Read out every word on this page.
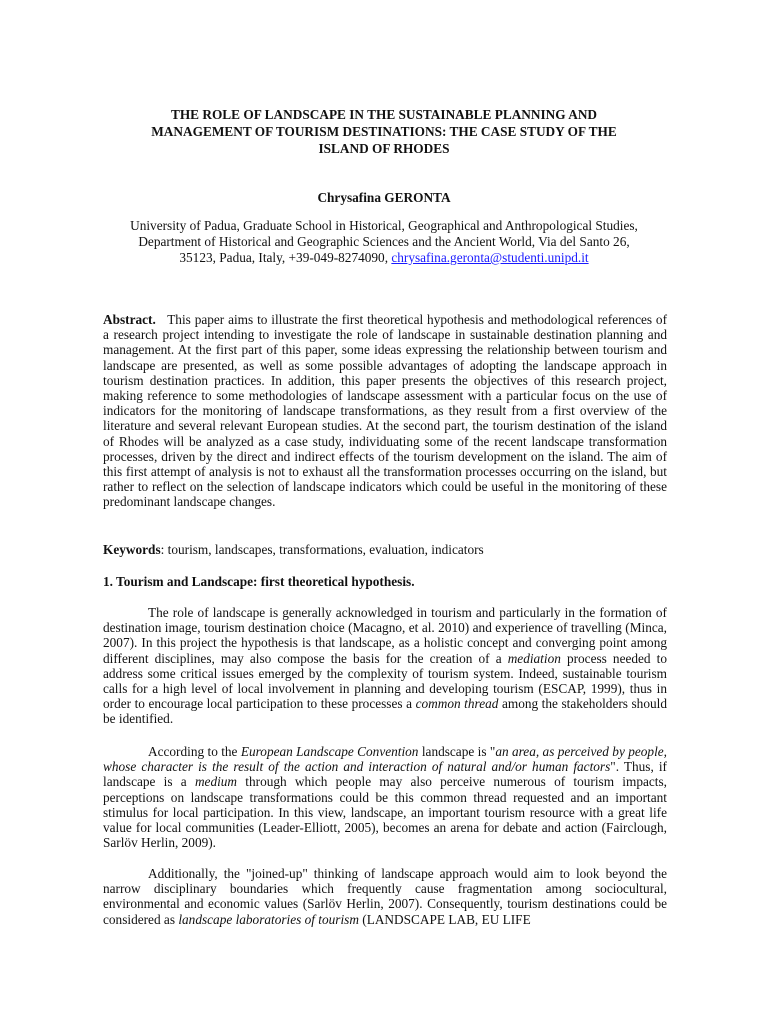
THE ROLE OF LANDSCAPE IN THE SUSTAINABLE PLANNING AND
MANAGEMENT OF TOURISM DESTINATIONS: THE CASE STUDY OF THE
ISLAND OF RHODES
Chrysafina GERONTA
University of Padua, Graduate School in Historical, Geographical and Anthropological Studies,
Department of Historical and Geographic Sciences and the Ancient World, Via del Santo 26,
35123, Padua, Italy, +39-049-8274090, chrysafina.geronta@studenti.unipd.it
Abstract. This paper aims to illustrate the first theoretical hypothesis and methodological references of a research project intending to investigate the role of landscape in sustainable destination planning and management. At the first part of this paper, some ideas expressing the relationship between tourism and landscape are presented, as well as some possible advantages of adopting the landscape approach in tourism destination practices. In addition, this paper presents the objectives of this research project, making reference to some methodologies of landscape assessment with a particular focus on the use of indicators for the monitoring of landscape transformations, as they result from a first overview of the literature and several relevant European studies. At the second part, the tourism destination of the island of Rhodes will be analyzed as a case study, individuating some of the recent landscape transformation processes, driven by the direct and indirect effects of the tourism development on the island. The aim of this first attempt of analysis is not to exhaust all the transformation processes occurring on the island, but rather to reflect on the selection of landscape indicators which could be useful in the monitoring of these predominant landscape changes.
Keywords: tourism, landscapes, transformations, evaluation, indicators
1. Tourism and Landscape: first theoretical hypothesis.
The role of landscape is generally acknowledged in tourism and particularly in the formation of destination image, tourism destination choice (Macagno, et al. 2010) and experience of travelling (Minca, 2007). In this project the hypothesis is that landscape, as a holistic concept and converging point among different disciplines, may also compose the basis for the creation of a mediation process needed to address some critical issues emerged by the complexity of tourism system. Indeed, sustainable tourism calls for a high level of local involvement in planning and developing tourism (ESCAP, 1999), thus in order to encourage local participation to these processes a common thread among the stakeholders should be identified.
According to the European Landscape Convention landscape is "an area, as perceived by people, whose character is the result of the action and interaction of natural and/or human factors". Thus, if landscape is a medium through which people may also perceive numerous of tourism impacts, perceptions on landscape transformations could be this common thread requested and an important stimulus for local participation. In this view, landscape, an important tourism resource with a great life value for local communities (Leader-Elliott, 2005), becomes an arena for debate and action (Fairclough, Sarlöv Herlin, 2009).
Additionally, the "joined-up" thinking of landscape approach would aim to look beyond the narrow disciplinary boundaries which frequently cause fragmentation among sociocultural, environmental and economic values (Sarlöv Herlin, 2007). Consequently, tourism destinations could be considered as landscape laboratories of tourism (LANDSCAPE LAB, EU LIFE
